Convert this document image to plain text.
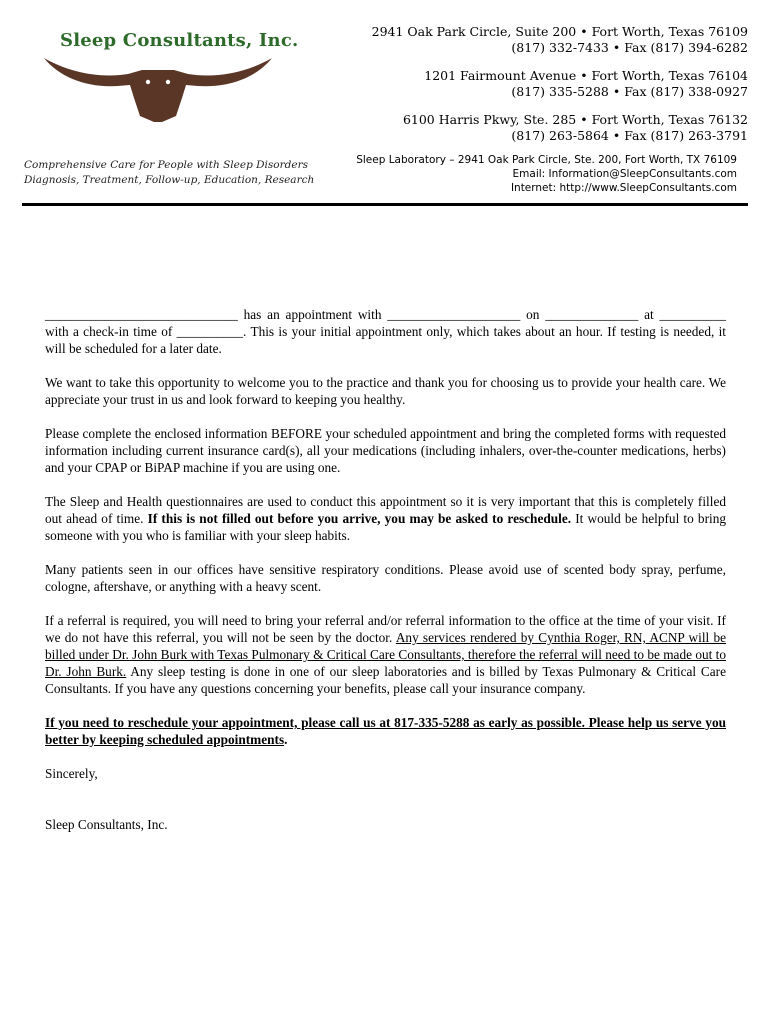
Sleep Consultants, Inc.
Comprehensive Care for People with Sleep Disorders
Diagnosis, Treatment, Follow-up, Education, Research
2941 Oak Park Circle, Suite 200 • Fort Worth, Texas 76109
(817) 332-7433 • Fax (817) 394-6282
1201 Fairmount Avenue • Fort Worth, Texas 76104
(817) 335-5288 • Fax (817) 338-0927
6100 Harris Pkwy, Ste. 285 • Fort Worth, Texas 76132
(817) 263-5864 • Fax (817) 263-3791
Sleep Laboratory – 2941 Oak Park Circle, Ste. 200, Fort Worth, TX 76109
Email: Information@SleepConsultants.com
Internet: http://www.SleepConsultants.com

_____________________________ has an appointment with ____________________ on ______________ at __________ with a check-in time of __________. This is your initial appointment only, which takes about an hour. If testing is needed, it will be scheduled for a later date.

We want to take this opportunity to welcome you to the practice and thank you for choosing us to provide your health care. We appreciate your trust in us and look forward to keeping you healthy.

Please complete the enclosed information BEFORE your scheduled appointment and bring the completed forms with requested information including current insurance card(s), all your medications (including inhalers, over-the-counter medications, herbs) and your CPAP or BiPAP machine if you are using one.

The Sleep and Health questionnaires are used to conduct this appointment so it is very important that this is completely filled out ahead of time. If this is not filled out before you arrive, you may be asked to reschedule. It would be helpful to bring someone with you who is familiar with your sleep habits.

Many patients seen in our offices have sensitive respiratory conditions. Please avoid use of scented body spray, perfume, cologne, aftershave, or anything with a heavy scent.

If a referral is required, you will need to bring your referral and/or referral information to the office at the time of your visit. If we do not have this referral, you will not be seen by the doctor. Any services rendered by Cynthia Roger, RN, ACNP will be billed under Dr. John Burk with Texas Pulmonary & Critical Care Consultants, therefore the referral will need to be made out to Dr. John Burk. Any sleep testing is done in one of our sleep laboratories and is billed by Texas Pulmonary & Critical Care Consultants. If you have any questions concerning your benefits, please call your insurance company.

If you need to reschedule your appointment, please call us at 817-335-5288 as early as possible. Please help us serve you better by keeping scheduled appointments.

Sincerely,

Sleep Consultants, Inc.
